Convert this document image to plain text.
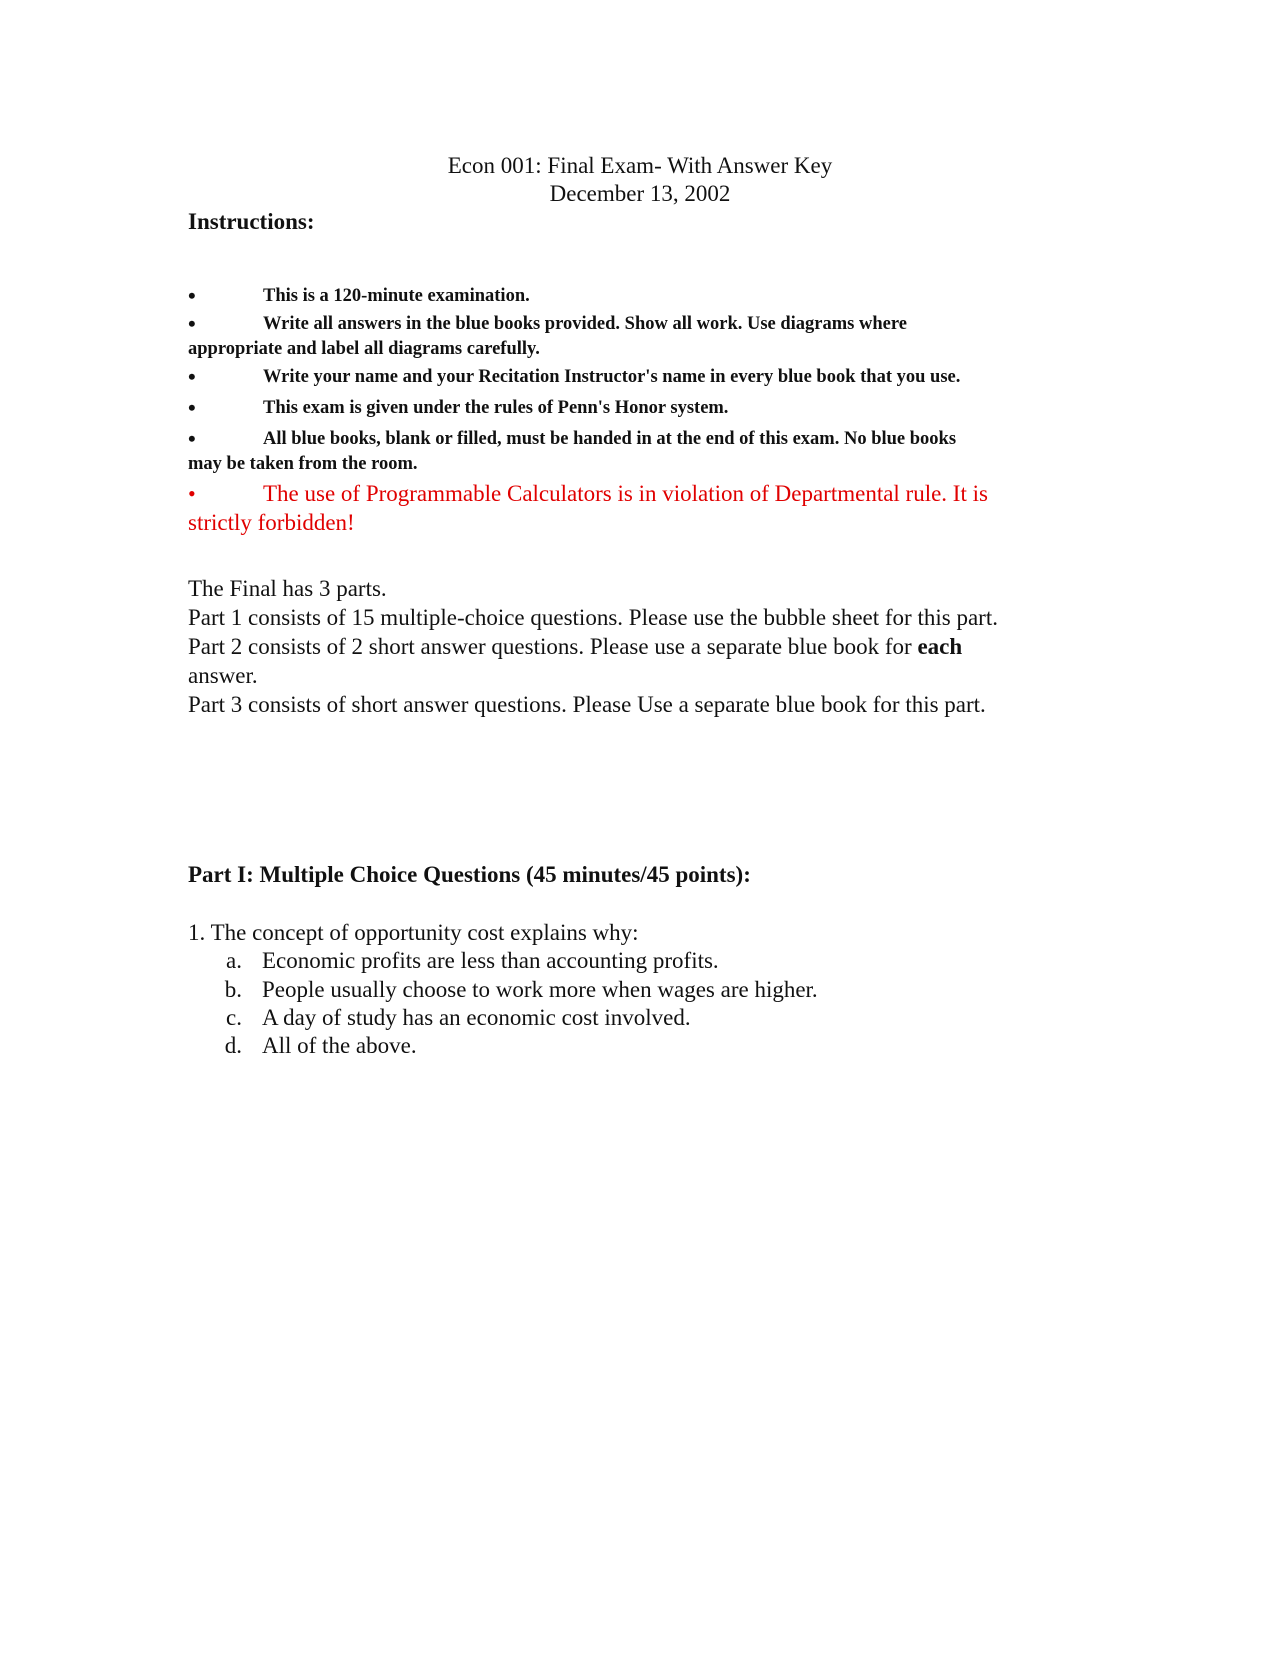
Econ 001: Final Exam- With Answer Key
December 13, 2002
Instructions:
•	This is a 120-minute examination.
•	Write all answers in the blue books provided. Show all work. Use diagrams where
appropriate and label all diagrams carefully.
•	Write your name and your Recitation Instructor's name in every blue book that you use.
•	This exam is given under the rules of Penn's Honor system.
•	All blue books, blank or filled, must be handed in at the end of this exam. No blue books
may be taken from the room.
•	The use of Programmable Calculators is in violation of Departmental rule. It is
strictly forbidden!
The Final has 3 parts.
Part 1 consists of 15 multiple-choice questions. Please use the bubble sheet for this part.
Part 2 consists of 2 short answer questions. Please use a separate blue book for each
answer.
Part 3 consists of short answer questions. Please Use a separate blue book for this part.
Part I: Multiple Choice Questions (45 minutes/45 points):
1. The concept of opportunity cost explains why:
a. Economic profits are less than accounting profits.
b. People usually choose to work more when wages are higher.
c. A day of study has an economic cost involved.
d. All of the above.
